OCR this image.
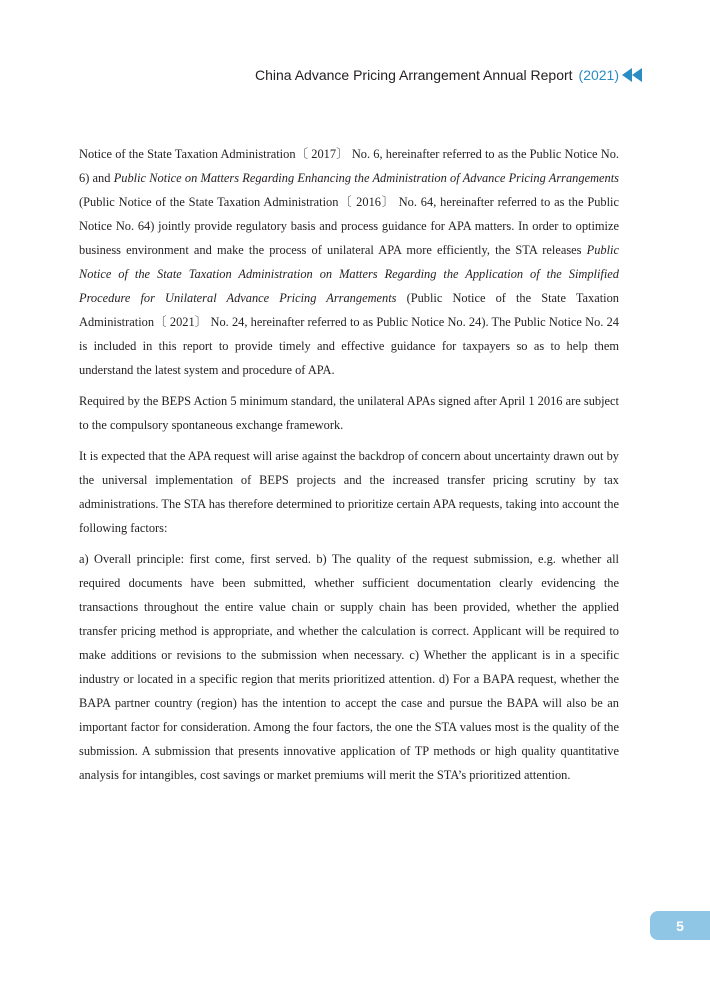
China Advance Pricing Arrangement Annual Report (2021)

Notice of the State Taxation Administration〔 2017〕 No. 6, hereinafter referred to as the Public Notice No. 6) and Public Notice on Matters Regarding Enhancing the Administration of Advance Pricing Arrangements (Public Notice of the State Taxation Administration〔 2016〕 No. 64, hereinafter referred to as the Public Notice No. 64) jointly provide regulatory basis and process guidance for APA matters. In order to optimize business environment and make the process of unilateral APA more efficiently, the STA releases Public Notice of the State Taxation Administration on Matters Regarding the Application of the Simplified Procedure for Unilateral Advance Pricing Arrangements (Public Notice of the State Taxation Administration〔 2021〕 No. 24, hereinafter referred to as Public Notice No. 24). The Public Notice No. 24 is included in this report to provide timely and effective guidance for taxpayers so as to help them understand the latest system and procedure of APA.

Required by the BEPS Action 5 minimum standard, the unilateral APAs signed after April 1 2016 are subject to the compulsory spontaneous exchange framework.

It is expected that the APA request will arise against the backdrop of concern about uncertainty drawn out by the universal implementation of BEPS projects and the increased transfer pricing scrutiny by tax administrations. The STA has therefore determined to prioritize certain APA requests, taking into account the following factors:

a) Overall principle: first come, first served. b) The quality of the request submission, e.g. whether all required documents have been submitted, whether sufficient documentation clearly evidencing the transactions throughout the entire value chain or supply chain has been provided, whether the applied transfer pricing method is appropriate, and whether the calculation is correct. Applicant will be required to make additions or revisions to the submission when necessary. c) Whether the applicant is in a specific industry or located in a specific region that merits prioritized attention. d) For a BAPA request, whether the BAPA partner country (region) has the intention to accept the case and pursue the BAPA will also be an important factor for consideration. Among the four factors, the one the STA values most is the quality of the submission. A submission that presents innovative application of TP methods or high quality quantitative analysis for intangibles, cost savings or market premiums will merit the STA’s prioritized attention.

5
